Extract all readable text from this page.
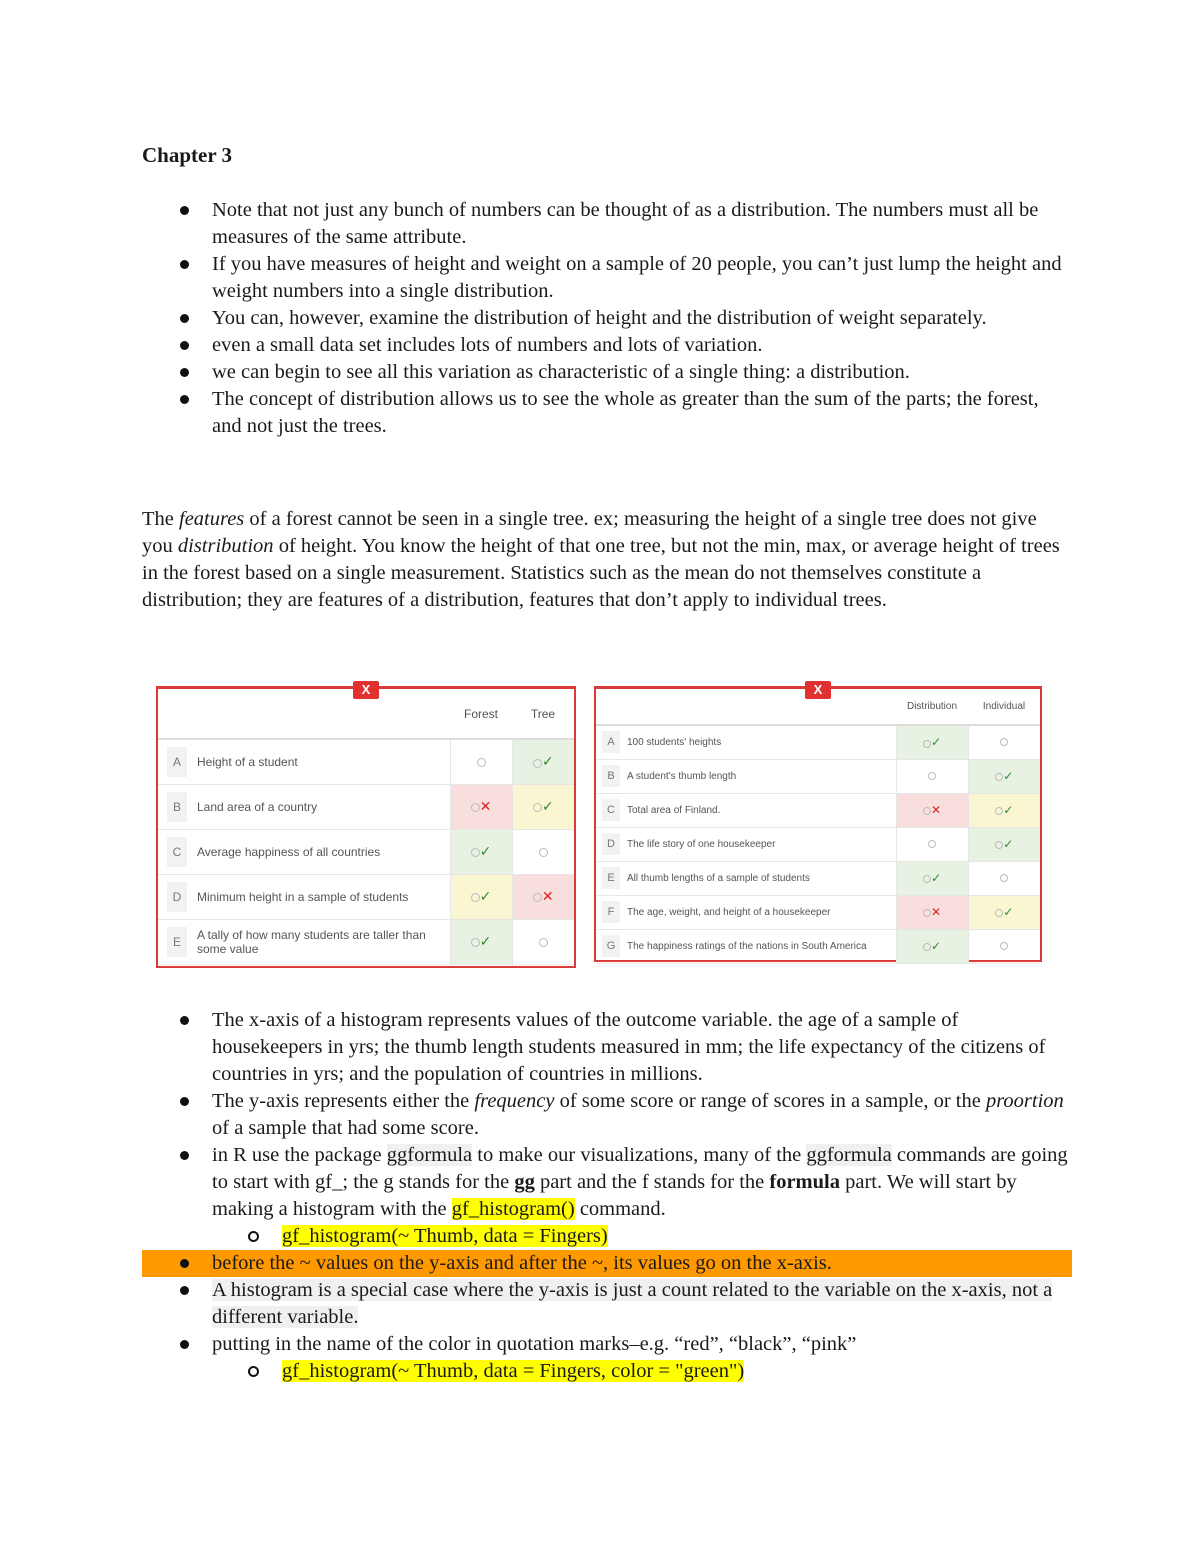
Chapter 3
Note that not just any bunch of numbers can be thought of as a distribution. The numbers must all be measures of the same attribute.
If you have measures of height and weight on a sample of 20 people, you can’t just lump the height and weight numbers into a single distribution.
You can, however, examine the distribution of height and the distribution of weight separately.
even a small data set includes lots of numbers and lots of variation.
we can begin to see all this variation as characteristic of a single thing: a distribution.
The concept of distribution allows us to see the whole as greater than the sum of the parts; the forest, and not just the trees.
The features of a forest cannot be seen in a single tree. ex; measuring the height of a single tree does not give you distribution of height. You know the height of that one tree, but not the min, max, or average height of trees in the forest based on a single measurement. Statistics such as the mean do not themselves constitute a distribution; they are features of a distribution, features that don’t apply to individual trees.
X
		Forest	Tree
A	Height of a student		✓
B	Land area of a country	✕	✓
C	Average happiness of all countries	✓	
D	Minimum height in a sample of students	✓	✕
E	A tally of how many students are taller than some value	✓	
X
		Distribution	Individual
A	100 students' heights	✓	
B	A student's thumb length		✓
C	Total area of Finland.	✕	✓
D	The life story of one housekeeper		✓
E	All thumb lengths of a sample of students	✓	
F	The age, weight, and height of a housekeeper	✕	✓
G	The happiness ratings of the nations in South America	✓	
The x-axis of a histogram represents values of the outcome variable. the age of a sample of housekeepers in yrs; the thumb length students measured in mm; the life expectancy of the citizens of countries in yrs; and the population of countries in millions.
The y-axis represents either the frequency of some score or range of scores in a sample, or the proortion of a sample that had some score.
in R use the package ggformula to make our visualizations, many of the ggformula commands are going to start with gf_; the g stands for the gg part and the f stands for the formula part. We will start by making a histogram with the gf_histogram() command.
gf_histogram(~ Thumb, data = Fingers)
before the ~ values on the y-axis and after the ~, its values go on the x-axis.
A histogram is a special case where the y-axis is just a count related to the variable on the x-axis, not a different variable.
putting in the name of the color in quotation marks–e.g. “red”, “black”, “pink”
gf_histogram(~ Thumb, data = Fingers, color = "green")
